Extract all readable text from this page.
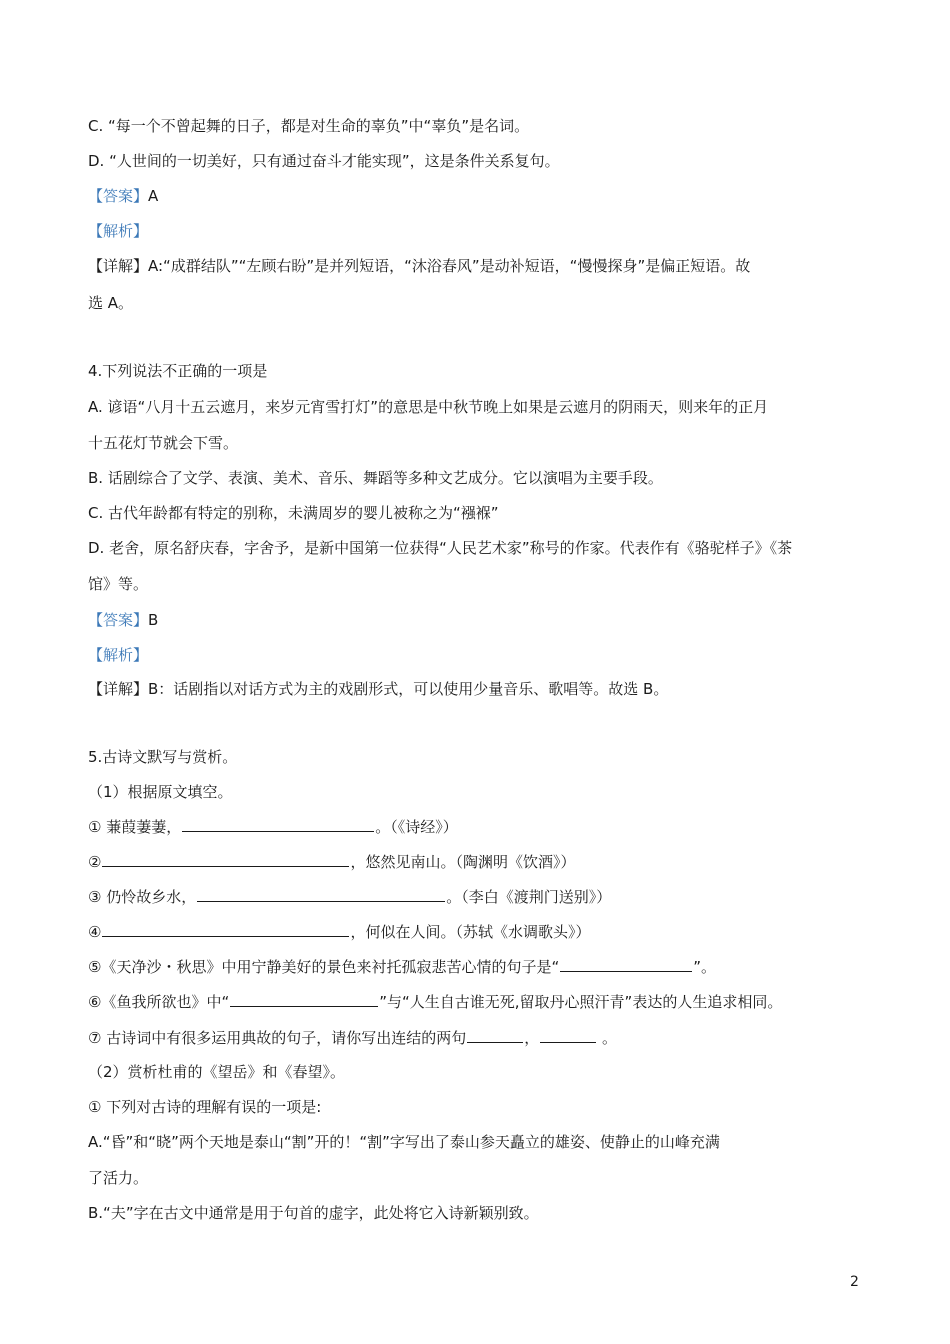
C. “每一个不曾起舞的日子，都是对生命的辜负”中“辜负”是名词。
D. “人世间的一切美好，只有通过奋斗才能实现”，这是条件关系复句。
【答案】A
【解析】
【详解】A:“成群结队”“左顾右盼”是并列短语，“沐浴春风”是动补短语，“慢慢探身”是偏正短语。故
选 A。
4.下列说法不正确的一项是
A. 谚语“八月十五云遮月，来岁元宵雪打灯”的意思是中秋节晚上如果是云遮月的阴雨天，则来年的正月
十五花灯节就会下雪。
B. 话剧综合了文学、表演、美术、音乐、舞蹈等多种文艺成分。它以演唱为主要手段。
C. 古代年龄都有特定的别称，未满周岁的婴儿被称之为“襁褓”
D. 老舍，原名舒庆春，字舍予，是新中国第一位获得“人民艺术家”称号的作家。代表作有《骆驼样子》《茶
馆》等。
【答案】B
【解析】
【详解】B：话剧指以对话方式为主的戏剧形式，可以使用少量音乐、歌唱等。故选 B。
5.古诗文默写与赏析。
（1）根据原文填空。
① 蒹葭萋萋，	。（《诗经》）
②	，悠然见南山。（陶渊明《饮酒》）
③ 仍怜故乡水，	。（李白《渡荆门送别》）
④	，何似在人间。（苏轼《水调歌头》）
⑤《天净沙・秋思》中用宁静美好的景色来衬托孤寂悲苦心情的句子是“	”。
⑥《鱼我所欲也》中“	”与“人生自古谁无死,留取丹心照汗青”表达的人生追求相同。
⑦ 古诗词中有很多运用典故的句子，请你写出连结的两句	，	。
（2）赏析杜甫的《望岳》和《春望》。
① 下列对古诗的理解有误的一项是:
A.“昏”和“晓”两个天地是泰山“割”开的！“割”字写出了泰山参天矗立的雄姿、使静止的山峰充满
了活力。
B.“夫”字在古文中通常是用于句首的虚字，此处将它入诗新颖别致。
2
